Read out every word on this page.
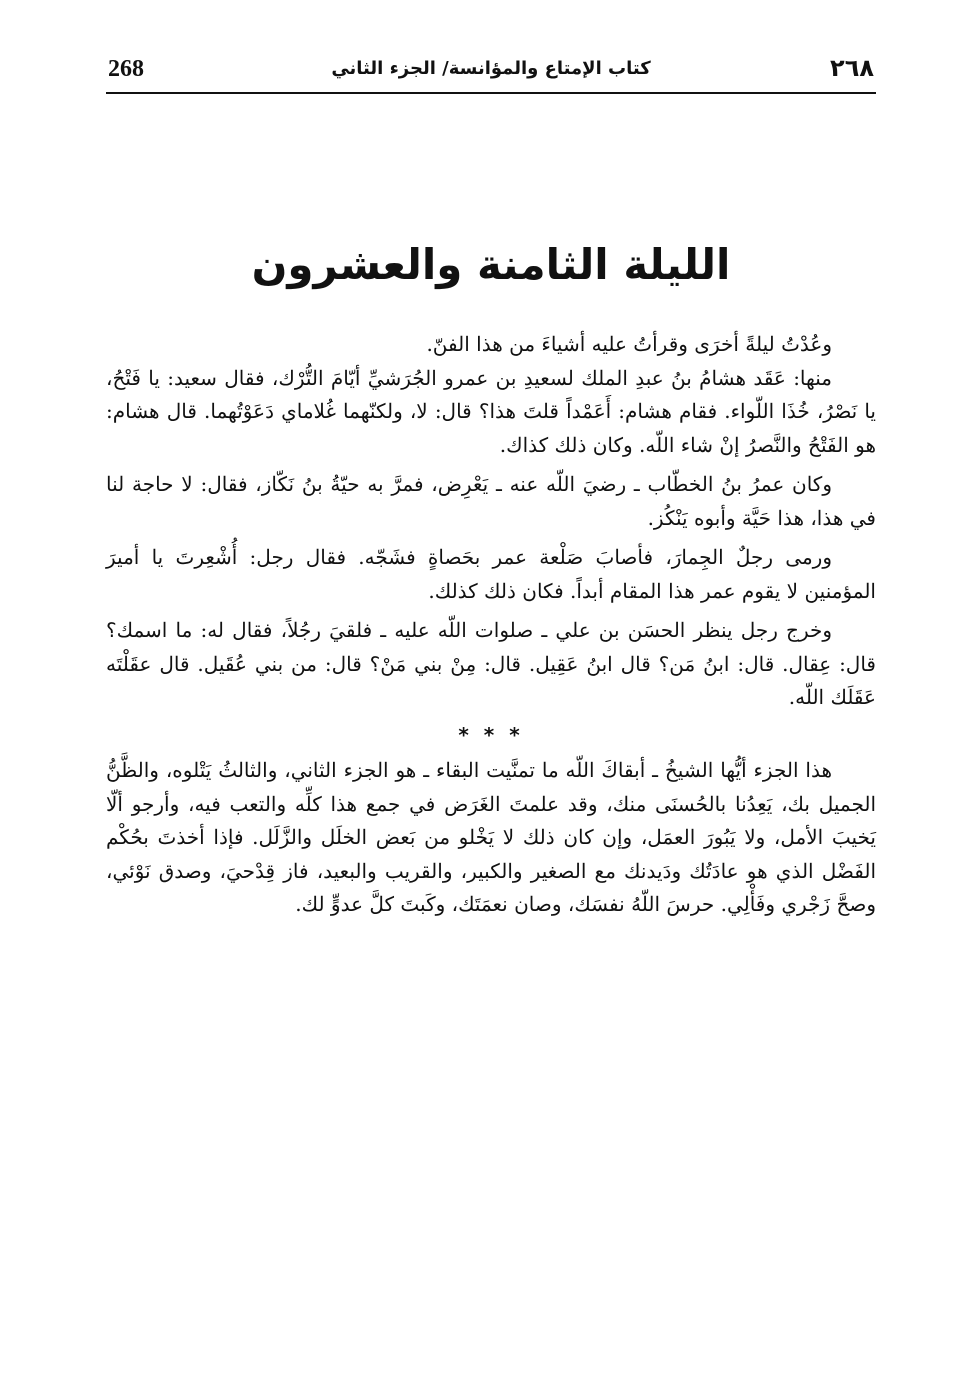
268	كتاب الإمتاع والمؤانسة/ الجزء الثاني	٢٦٨
الليلة الثامنة والعشرون

وعُدْتُ ليلةً أخرَى وقرأتُ عليه أشياءَ من هذا الفنّ.

منها: عَقَد هشامُ بنُ عبدِ الملك لسعيدِ بن عمرو الجُرَشيِّ أيّامَ التُّرْك، فقال سعيد: يا فَتْحُ، يا نَصْرُ، خُذَا اللّواء. فقام هشام: أَعَمْداً قلتَ هذا؟ قال: لا، ولكنّهما غُلاماي دَعَوْتُهما. قال هشام: هو الفَتْحُ والنَّصرُ إنْ شاء اللّه. وكان ذلك كذاك.

وكان عمرُ بنُ الخطّاب ـ رضيَ اللّه عنه ـ يَعْرِض، فمرَّ به حيّةُ بنُ نَكّاز، فقال: لا حاجة لنا في هذا، هذا حَيَّة وأبوه يَنْكُز.

ورمى رجلٌ الجِمارَ، فأصابَ صَلْعة عمر بحَصاةٍ فشَجّه. فقال رجل: أُشْعِرتَ يا أميرَ المؤمنين لا يقوم عمر هذا المقام أبداً. فكان ذلك كذلك.

وخرج رجل ينظر الحسَن بن علي ـ صلوات اللّه عليه ـ فلقيَ رجُلاً، فقال له: ما اسمك؟ قال: عِقال. قال: ابنُ مَن؟ قال ابنُ عَقِيل. قال: مِنْ بني مَنْ؟ قال: من بني عُقَيل. قال عقَلْتَه عَقَلَك اللّه.

* * *

هذا الجزء أيُّها الشيخُ ـ أبقاكَ اللّه ما تمنَّيت البقاء ـ هو الجزء الثاني، والثالثُ يَتْلوه، والظَّنُّ الجميل بك، يَعِدُنا بالحُسنَى منك، وقد علمتَ الغَرَض في جمع هذا كلِّه والتعب فيه، وأرجو ألّا يَخيبَ الأمل، ولا يَبُورَ العمَل، وإن كان ذلك لا يَخْلو من بَعض الخلَل والزَّلَل. فإذا أخذتَ بحُكْم الفَضْل الذي هو عادَتُك ودَيدنك مع الصغير والكبير، والقريب والبعيد، فاز قِدْحيَ، وصدق نَوْئي، وصحَّ زَجْري وفَأْلِي. حرسَ اللّهُ نفسَك، وصان نعمَتَك، وكَبتَ كلَّ عدوٍّ لك.
